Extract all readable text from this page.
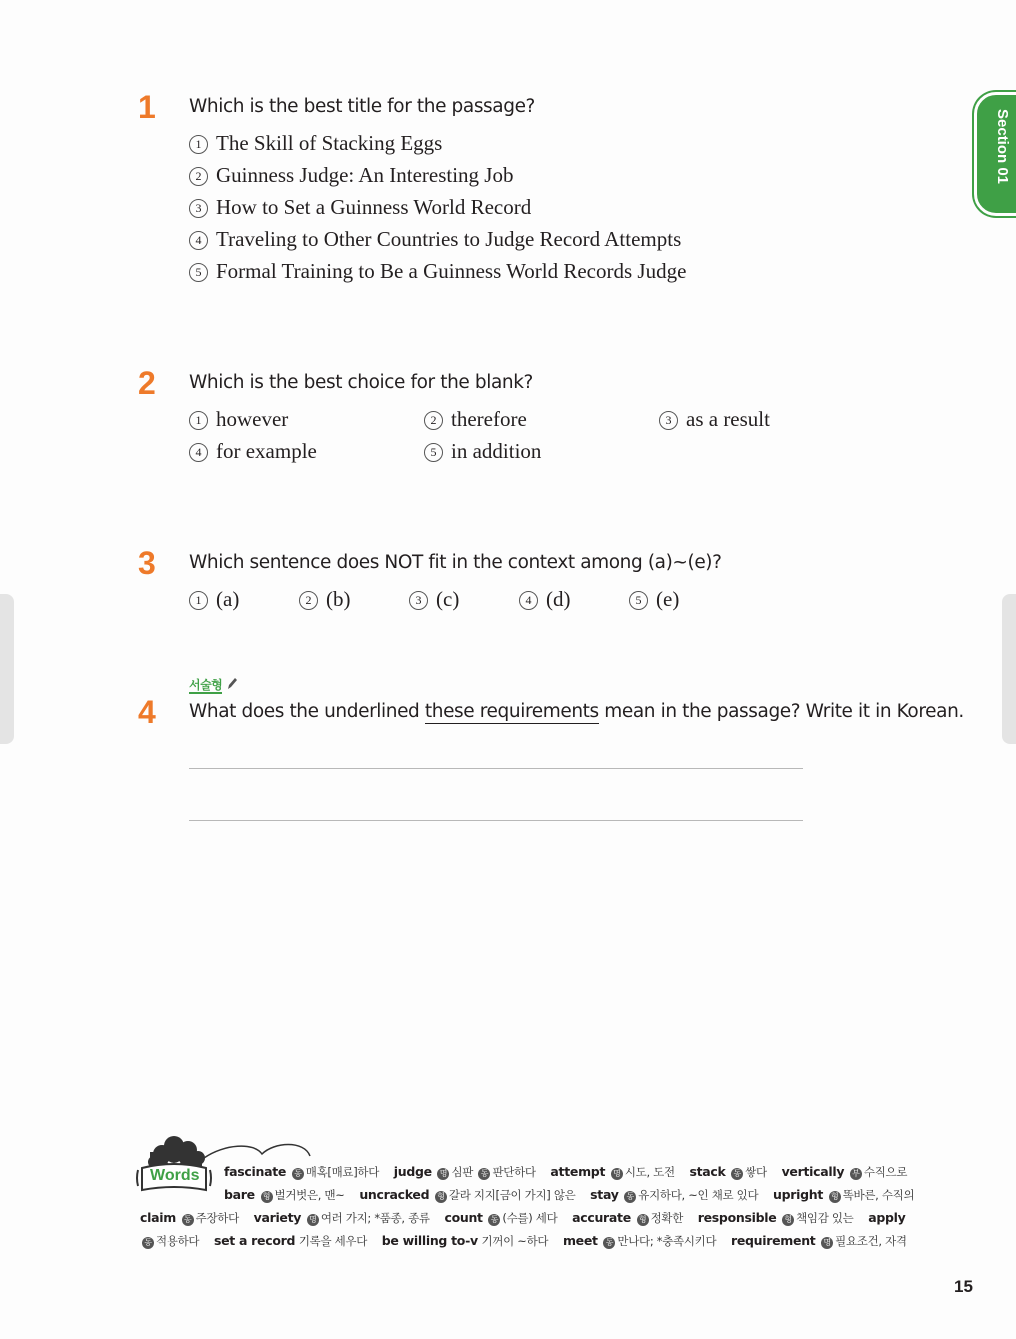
Section 01
1 Which is the best title for the passage?
1 The Skill of Stacking Eggs
2 Guinness Judge: An Interesting Job
3 How to Set a Guinness World Record
4 Traveling to Other Countries to Judge Record Attempts
5 Formal Training to Be a Guinness World Records Judge
2 Which is the best choice for the blank?
1 however	2 therefore	3 as a result
4 for example	5 in addition
3 Which sentence does NOT fit in the context among (a)~(e)?
1 (a)	2 (b)	3 (c)	4 (d)	5 (e)
서술형
4 What does the underlined these requirements mean in the passage? Write it in Korean.
Words fascinate 동 매혹[매료]하다 judge 명 심판 동 판단하다 attempt 명 시도, 도전 stack 동 쌓다 vertically 부 수직으로
bare 형 벌거벗은, 맨~ uncracked 형 갈라 지지[금이 가지] 않은 stay 동 유지하다, ~인 채로 있다 upright 형 똑바른, 수직의
claim 동 주장하다 variety 명 여러 가지; *품종, 종류 count 동 (수를) 세다 accurate 형 정확한 responsible 형 책임감 있는 apply
동 적용하다 set a record 기록을 세우다 be willing to-v 기꺼이 ~하다 meet 동 만나다; *충족시키다 requirement 명 필요조건, 자격
15
